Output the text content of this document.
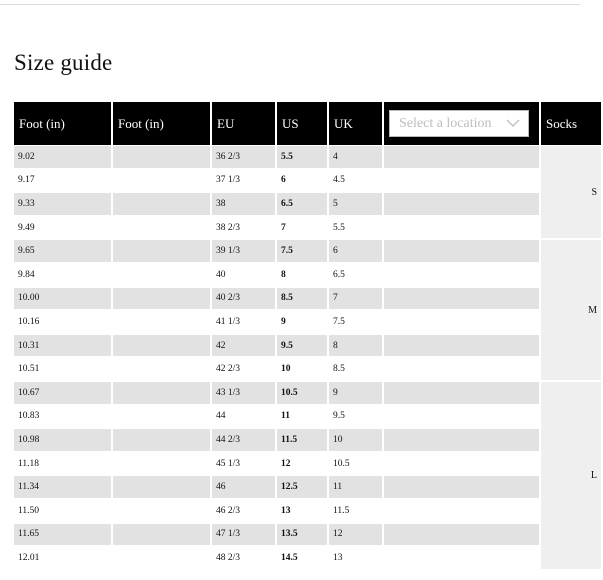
Size guide
Foot (in)	Foot (in)	EU	US	UK	Select a location	Socks
9.02		36 2/3	5.5	4		S
9.17		37 1/3	6	4.5		
9.33		38	6.5	5		
9.49		38 2/3	7	5.5		
9.65		39 1/3	7.5	6		M
9.84		40	8	6.5		
10.00		40 2/3	8.5	7		
10.16		41 1/3	9	7.5		
10.31		42	9.5	8		
10.51		42 2/3	10	8.5		
10.67		43 1/3	10.5	9		L
10.83		44	11	9.5		
10.98		44 2/3	11.5	10		
11.18		45 1/3	12	10.5		
11.34		46	12.5	11		
11.50		46 2/3	13	11.5		
11.65		47 1/3	13.5	12		
12.01		48 2/3	14.5	13		
